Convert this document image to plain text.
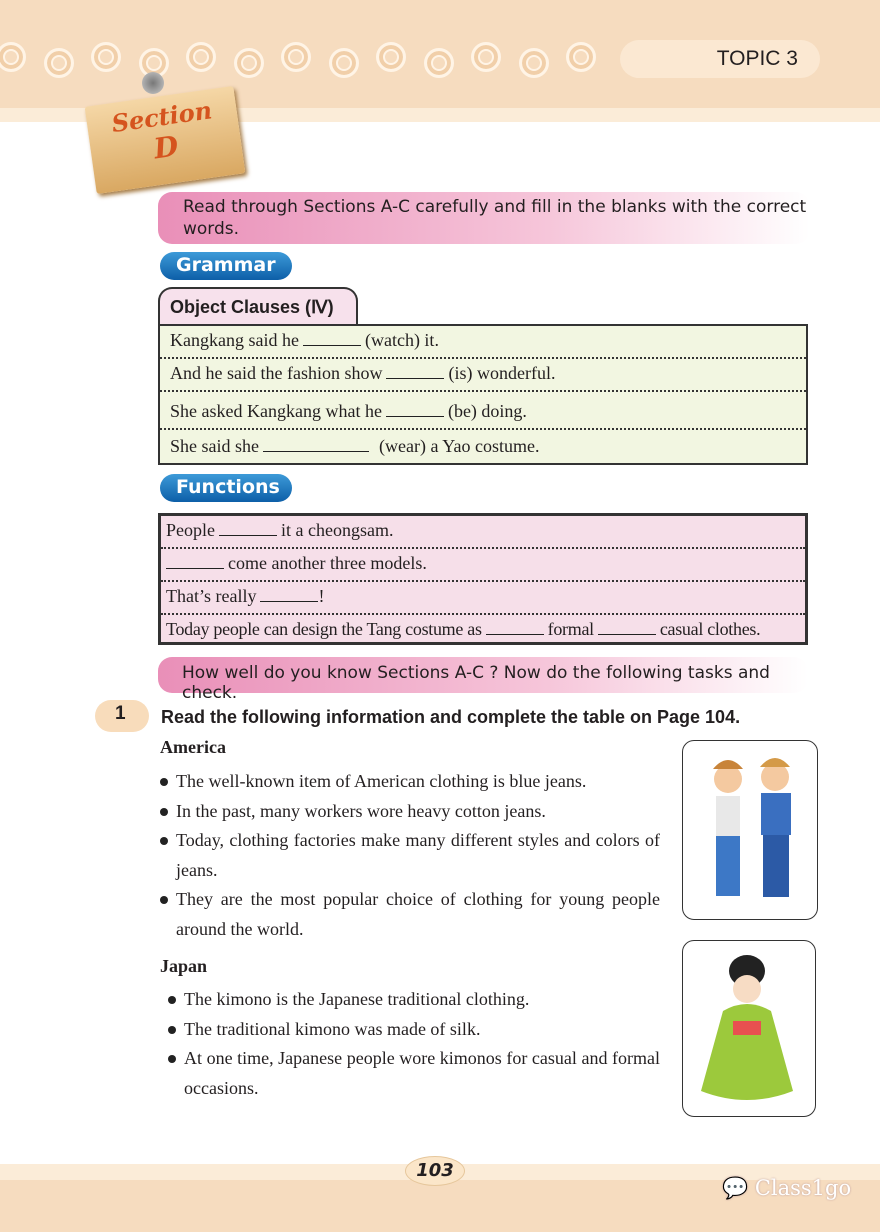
TOPIC 3
Section
D
Read through Sections A-C carefully and fill in the blanks with the correct words.
Grammar
Object Clauses (Ⅳ)
Kangkang said he	(watch) it.
And he said the fashion show	(is) wonderful.
She asked Kangkang what he	(be) doing.
She said she	(wear) a Yao costume.
Functions
People	it a cheongsam.
come another three models.
That’s really	!
Today people can design the Tang costume as	formal	casual clothes.
How well do you know Sections A-C ? Now do the following tasks and check.
1	Read the following information and complete the table on Page 104.
America
The well-known item of American clothing is blue jeans.
In the past, many workers wore heavy cotton jeans.
Today, clothing factories make many different styles and colors of jeans.
They are the most popular choice of clothing for young people around the world.
Japan
The kimono is the Japanese traditional clothing.
The traditional kimono was made of silk.
At one time, Japanese people wore kimonos for casual and formal occasions.
103
💬 Class1go
